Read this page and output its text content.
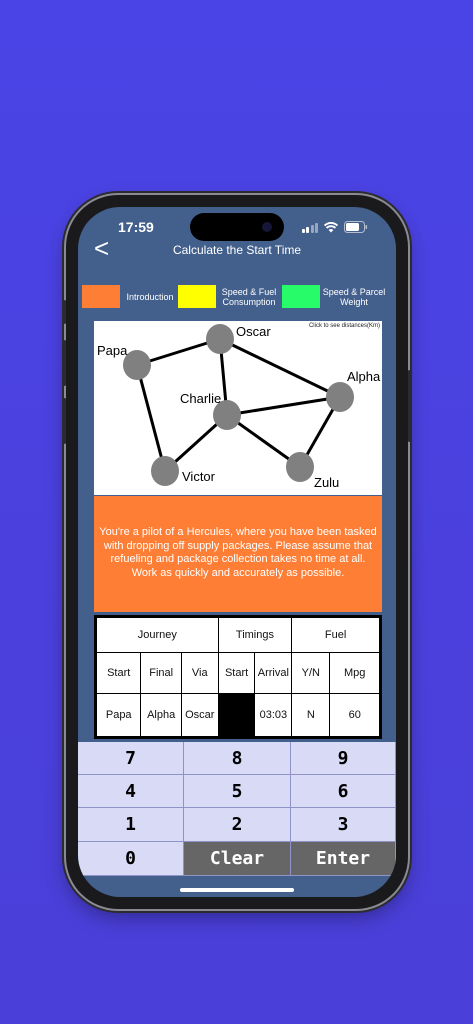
17:59
<	Calculate the Start Time
Introduction	Speed & Fuel Consumption
Speed & Parcel Weight
Click to see distances(Km)
Papa
Oscar
Alpha
Charlie
Victor	Zulu

You're a pilot of a Hercules, where you have been tasked with dropping off supply packages. Please assume that refueling and package collection takes no time at all. Work as quickly and accurately as possible.

Journey			Timings		Fuel	
Start	Final	Via	Start	Arrival	Y/N	Mpg
Papa	Alpha	Oscar		03:03	N	60
7	8	9
4	5	6
1	2	3
0	Clear	Enter
